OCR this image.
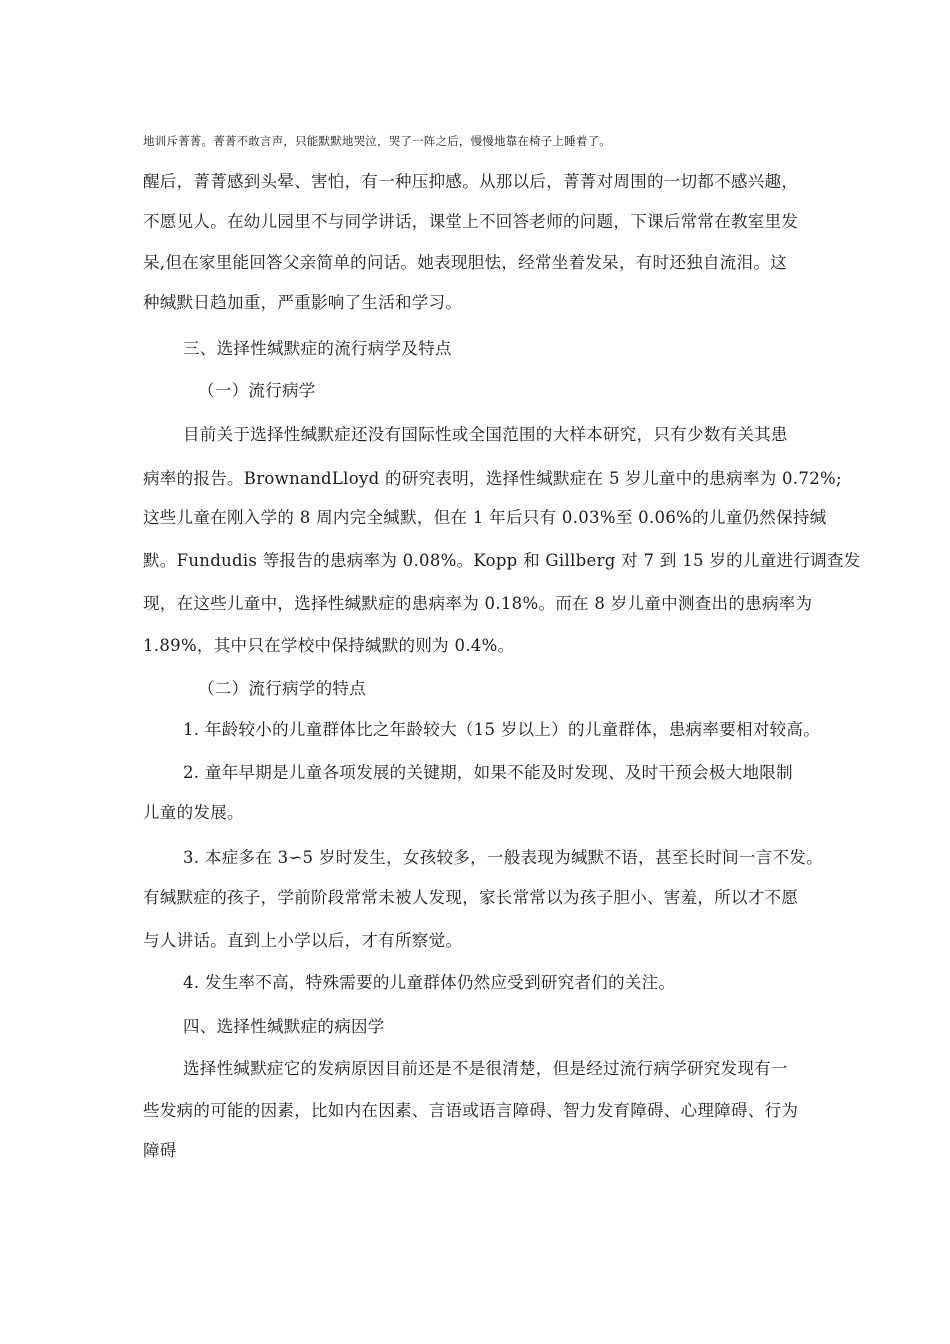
地训斥菁菁。菁菁不敢言声，只能默默地哭泣，哭了一阵之后，慢慢地靠在椅子上睡着了。
醒后，菁菁感到头晕、害怕，有一种压抑感。从那以后，菁菁对周围的一切都不感兴趣，
不愿见人。在幼儿园里不与同学讲话，课堂上不回答老师的问题，下课后常常在教室里发
呆,但在家里能回答父亲简单的问话。她表现胆怯，经常坐着发呆，有时还独自流泪。这
种缄默日趋加重，严重影响了生活和学习。
三、选择性缄默症的流行病学及特点
（一）流行病学
目前关于选择性缄默症还没有国际性或全国范围的大样本研究，只有少数有关其患
病率的报告。BrownandLloyd 的研究表明，选择性缄默症在 5 岁儿童中的患病率为 0.72%;
这些儿童在刚入学的 8 周内完全缄默，但在 1 年后只有 0.03%至 0.06%的儿童仍然保持缄
默。Fundudis 等报告的患病率为 0.08%。Kopp 和 Gillberg 对 7 到 15 岁的儿童进行调查发
现，在这些儿童中，选择性缄默症的患病率为 0.18%。而在 8 岁儿童中测查出的患病率为
1.89%，其中只在学校中保持缄默的则为 0.4%。
（二）流行病学的特点
1. 年龄较小的儿童群体比之年龄较大（15 岁以上）的儿童群体，患病率要相对较高。
2. 童年早期是儿童各项发展的关键期，如果不能及时发现、及时干预会极大地限制
儿童的发展。
3. 本症多在 3∽5 岁时发生，女孩较多，一般表现为缄默不语，甚至长时间一言不发。
有缄默症的孩子，学前阶段常常未被人发现，家长常常以为孩子胆小、害羞，所以才不愿
与人讲话。直到上小学以后，才有所察觉。
4. 发生率不高，特殊需要的儿童群体仍然应受到研究者们的关注。
四、选择性缄默症的病因学
选择性缄默症它的发病原因目前还是不是很清楚，但是经过流行病学研究发现有一
些发病的可能的因素，比如内在因素、言语或语言障碍、智力发育障碍、心理障碍、行为
障碍
